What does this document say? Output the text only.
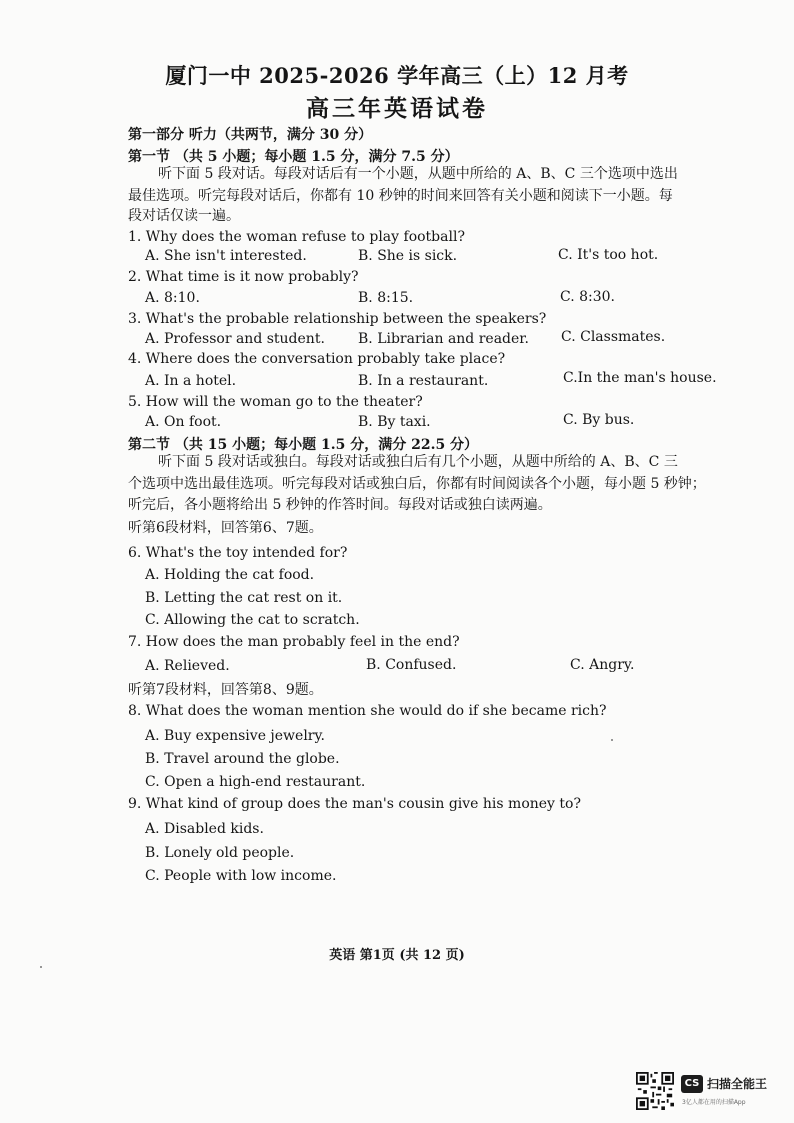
厦门一中 2025-2026 学年高三（上）12 月考
高三年英语试卷
第一部分 听力（共两节，满分 30 分）
第一节 （共 5 小题；每小题 1.5 分，满分 7.5 分）
听下面 5 段对话。每段对话后有一个小题，从题中所给的 A、B、C 三个选项中选出
最佳选项。听完每段对话后，你都有 10 秒钟的时间来回答有关小题和阅读下一小题。每
段对话仅读一遍。
1. Why does the woman refuse to play football?
A. She isn't interested.	B. She is sick.	C. It's too hot.
2. What time is it now probably?
A. 8:10.	B. 8:15.	C. 8:30.
3. What's the probable relationship between the speakers?
A. Professor and student. B. Librarian and reader. C. Classmates.
4. Where does the conversation probably take place?
A. In a hotel.	B. In a restaurant.	C.In the man's house.
5. How will the woman go to the theater?
A. On foot.	B. By taxi.	C. By bus.
第二节 （共 15 小题；每小题 1.5 分，满分 22.5 分）
听下面 5 段对话或独白。每段对话或独白后有几个小题，从题中所给的 A、B、C 三
个选项中选出最佳选项。听完每段对话或独白后，你都有时间阅读各个小题，每小题 5 秒钟；
听完后，各小题将给出 5 秒钟的作答时间。每段对话或独白读两遍。
听第6段材料，回答第6、7题。
6. What's the toy intended for?
A. Holding the cat food.
B. Letting the cat rest on it.
C. Allowing the cat to scratch.
7. How does the man probably feel in the end?
A. Relieved.	B. Confused.	C. Angry.
听第7段材料，回答第8、9题。
8. What does the woman mention she would do if she became rich?
A. Buy expensive jewelry.
B. Travel around the globe.
C. Open a high-end restaurant.
9. What kind of group does the man's cousin give his money to?
A. Disabled kids.
B. Lonely old people.
C. People with low income.
英语 第1页 (共 12 页)
CS 扫描全能王
3亿人都在用的扫描App
